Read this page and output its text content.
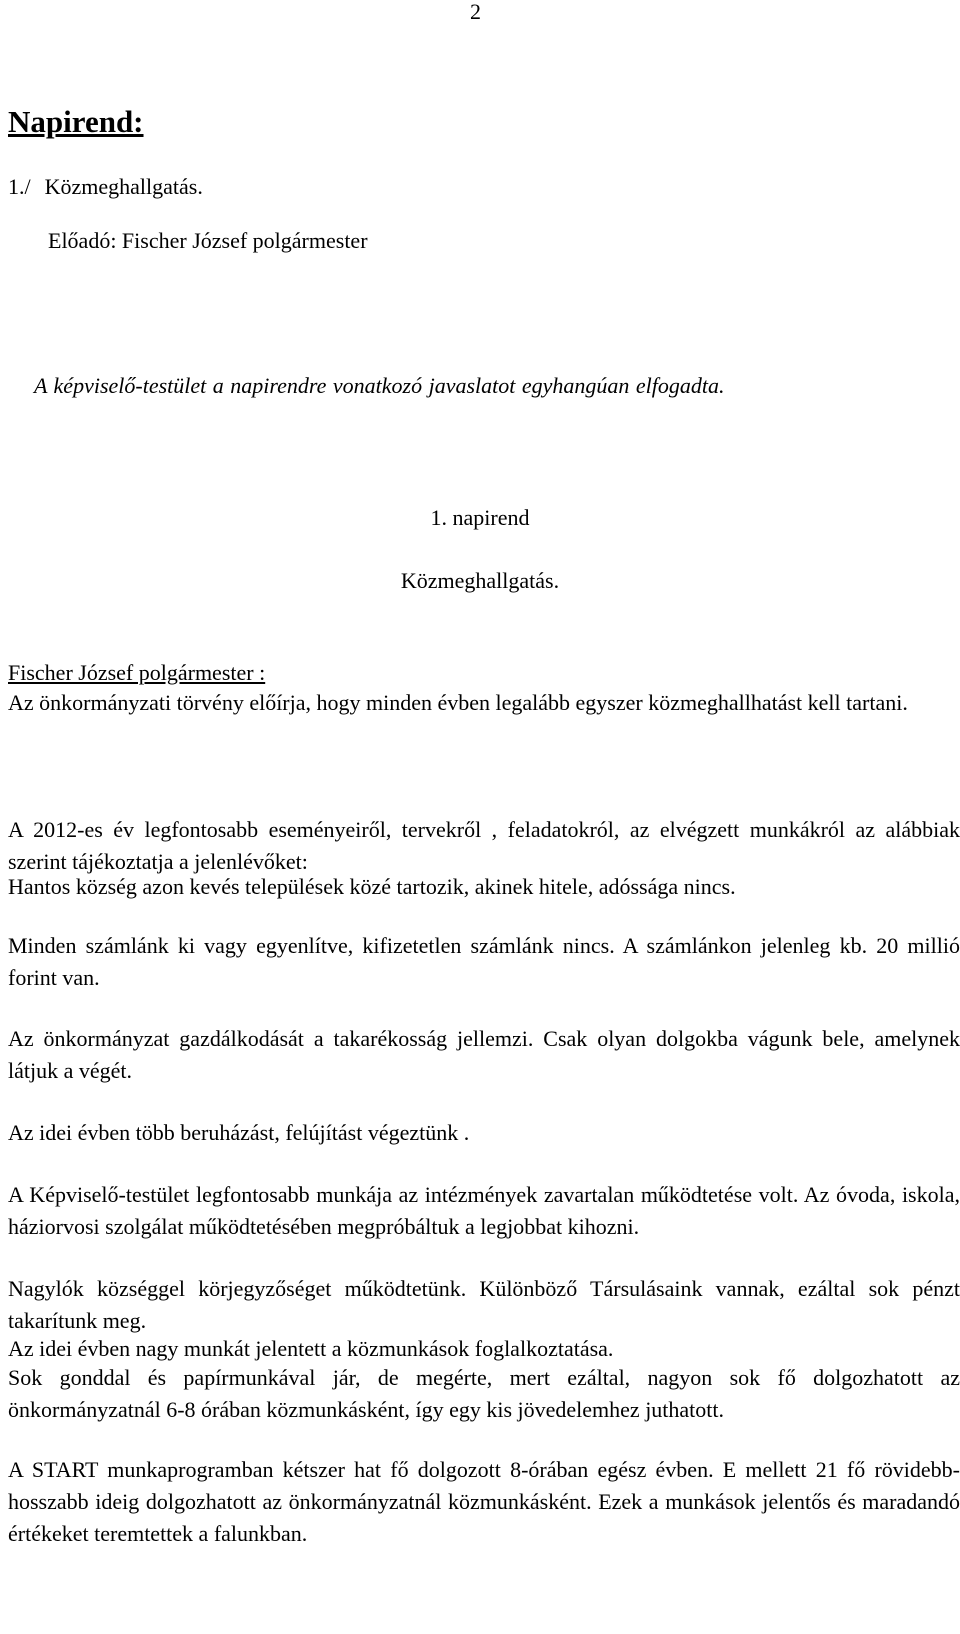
2
Napirend:
1./ Közmeghallgatás.
Előadó: Fischer József polgármester
A képviselő-testület a napirendre vonatkozó javaslatot egyhangúan elfogadta.
1. napirend
Közmeghallgatás.
Fischer József polgármester :
Az önkormányzati törvény előírja, hogy minden évben legalább egyszer közmeghallhatást kell tartani.
A 2012-es év legfontosabb eseményeiről, tervekről , feladatokról, az elvégzett munkákról az alábbiak szerint tájékoztatja a jelenlévőket:
Hantos község azon kevés települések közé tartozik, akinek hitele, adóssága nincs.
Minden számlánk ki vagy egyenlítve, kifizetetlen számlánk nincs. A számlánkon jelenleg kb. 20 millió forint van.
Az önkormányzat gazdálkodását a takarékosság jellemzi. Csak olyan dolgokba vágunk bele, amelynek látjuk a végét.
Az idei évben több beruházást, felújítást végeztünk .
A Képviselő-testület legfontosabb munkája az intézmények zavartalan működtetése volt. Az óvoda, iskola, háziorvosi szolgálat működtetésében megpróbáltuk a legjobbat kihozni.
Nagylók községgel körjegyzőséget működtetünk. Különböző Társulásaink vannak, ezáltal sok pénzt takarítunk meg.
Az idei évben nagy munkát jelentett a közmunkások foglalkoztatása.
Sok gonddal és papírmunkával jár, de megérte, mert ezáltal, nagyon sok fő dolgozhatott az önkormányzatnál 6-8 órában közmunkásként, így egy kis jövedelemhez juthatott.
A START munkaprogramban kétszer hat fő dolgozott 8-órában egész évben. E mellett 21 fő rövidebb-hosszabb ideig dolgozhatott az önkormányzatnál közmunkásként. Ezek a munkások jelentős és maradandó értékeket teremtettek a falunkban.
